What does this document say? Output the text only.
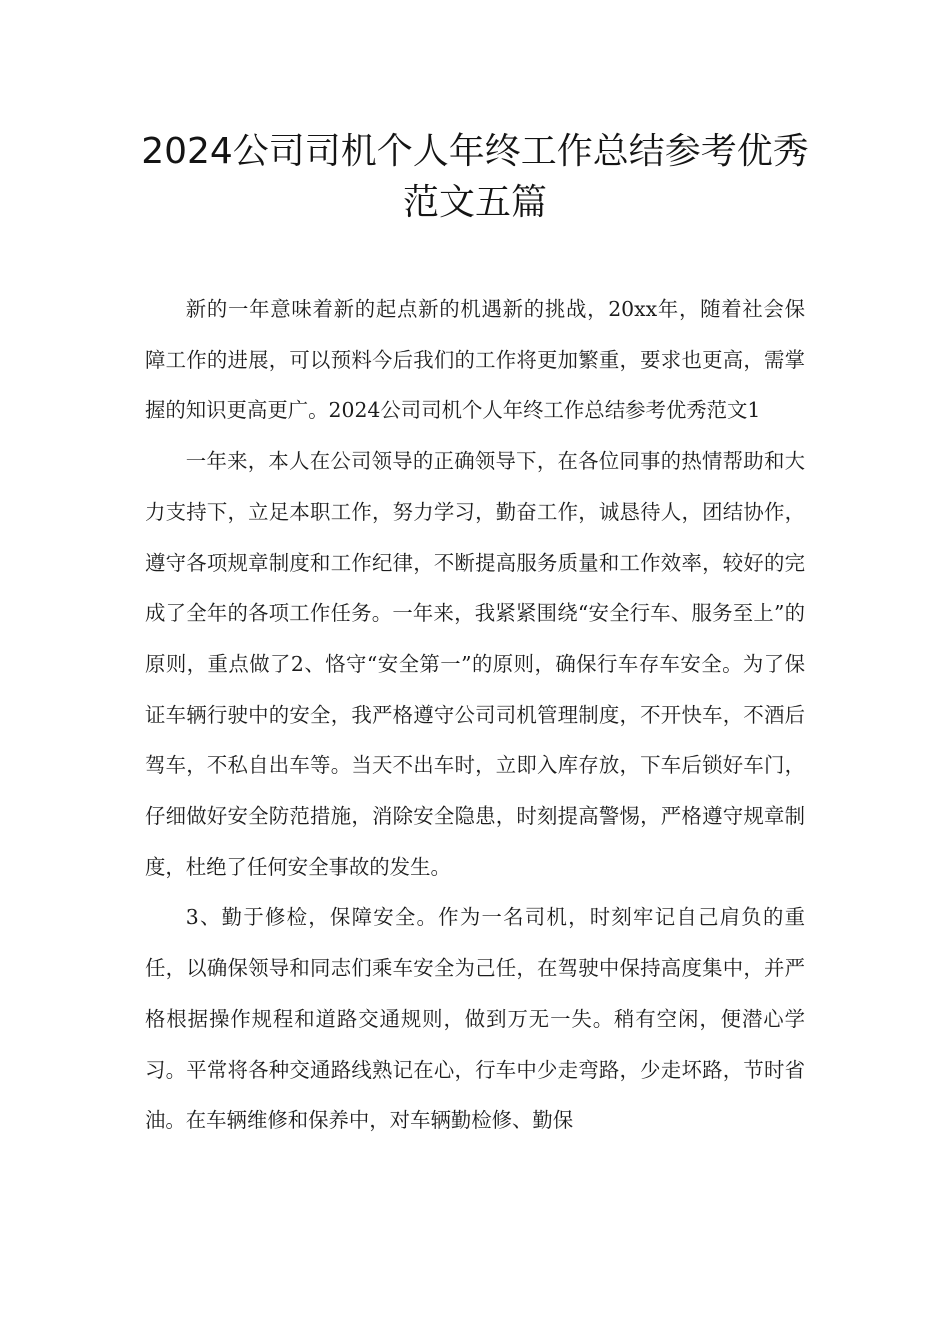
2024公司司机个人年终工作总结参考优秀范文五篇

新的一年意味着新的起点新的机遇新的挑战，20xx年，随着社会保障工作的进展，可以预料今后我们的工作将更加繁重，要求也更高，需掌握的知识更高更广。2024公司司机个人年终工作总结参考优秀范文1

一年来，本人在公司领导的正确领导下，在各位同事的热情帮助和大力支持下，立足本职工作，努力学习，勤奋工作，诚恳待人，团结协作，遵守各项规章制度和工作纪律，不断提高服务质量和工作效率，较好的完成了全年的各项工作任务。一年来，我紧紧围绕“安全行车、服务至上”的原则，重点做了2、恪守“安全第一”的原则，确保行车存车安全。为了保证车辆行驶中的安全，我严格遵守公司司机管理制度，不开快车，不酒后驾车，不私自出车等。当天不出车时，立即入库存放，下车后锁好车门，仔细做好安全防范措施，消除安全隐患，时刻提高警惕，严格遵守规章制度，杜绝了任何安全事故的发生。

3、勤于修检，保障安全。作为一名司机，时刻牢记自己肩负的重任，以确保领导和同志们乘车安全为己任，在驾驶中保持高度集中，并严格根据操作规程和道路交通规则，做到万无一失。稍有空闲，便潜心学习。平常将各种交通路线熟记在心，行车中少走弯路，少走坏路，节时省油。在车辆维修和保养中，对车辆勤检修、勤保
